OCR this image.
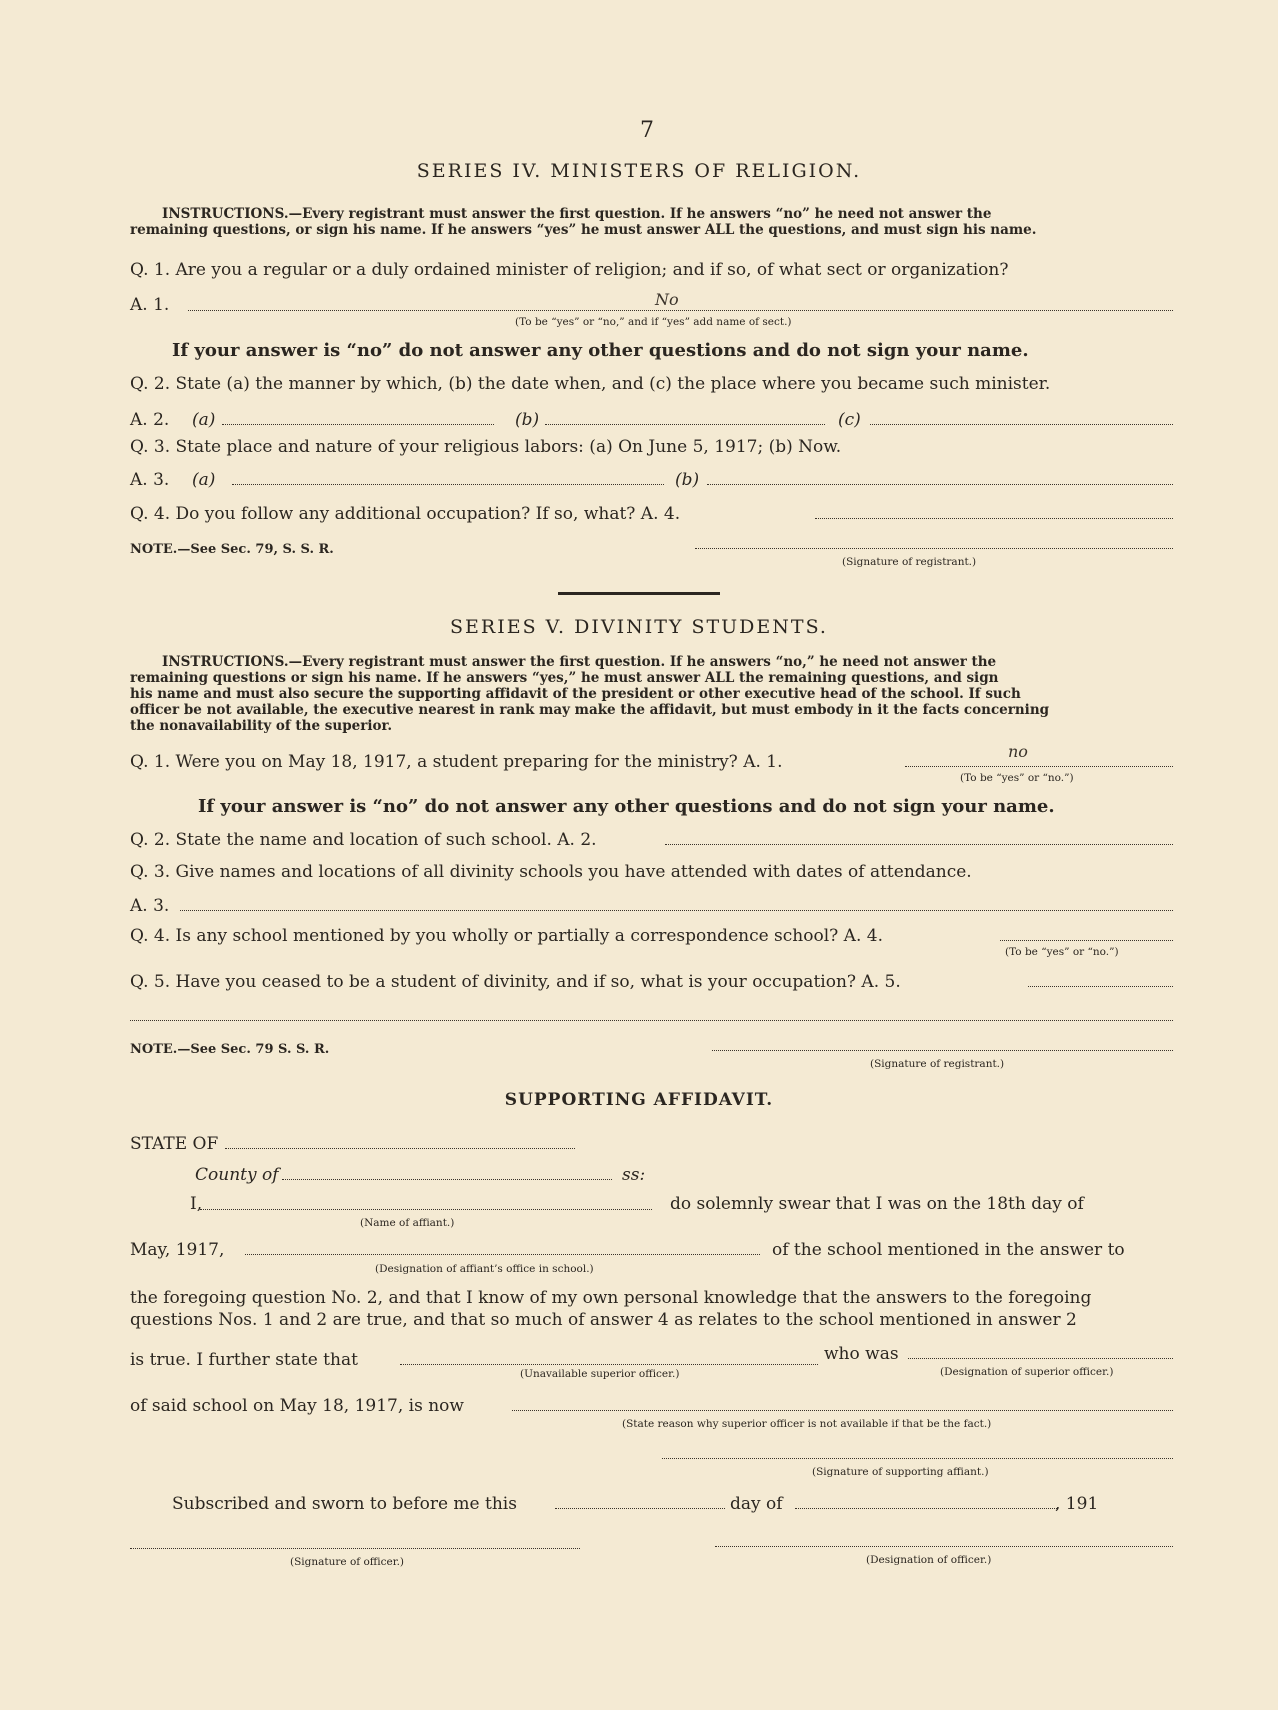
7
SERIES IV. MINISTERS OF RELIGION.
INSTRUCTIONS.—Every registrant must answer the first question. If he answers “no” he need not answer the
remaining questions, or sign his name. If he answers “yes” he must answer ALL the questions, and must sign his name.
Q. 1. Are you a regular or a duly ordained minister of religion; and if so, of what sect or organization?
A. 1.	No
(To be “yes” or “no,” and if “yes” add name of sect.)
If your answer is “no” do not answer any other questions and do not sign your name.
Q. 2. State (a) the manner by which, (b) the date when, and (c) the place where you became such minister.
A. 2. (a)	(b)	(c)
Q. 3. State place and nature of your religious labors: (a) On June 5, 1917; (b) Now.
A. 3. (a)	(b)
Q. 4. Do you follow any additional occupation? If so, what? A. 4.
NOTE.—See Sec. 79, S. S. R.
(Signature of registrant.)
SERIES V. DIVINITY STUDENTS.
INSTRUCTIONS.—Every registrant must answer the first question. If he answers “no,” he need not answer the
remaining questions or sign his name. If he answers “yes,” he must answer ALL the remaining questions, and sign
his name and must also secure the supporting affidavit of the president or other executive head of the school. If such
officer be not available, the executive nearest in rank may make the affidavit, but must embody in it the facts concerning
the nonavailability of the superior.
Q. 1. Were you on May 18, 1917, a student preparing for the ministry? A. 1.
no
(To be “yes” or “no.”)
If your answer is “no” do not answer any other questions and do not sign your name.
Q. 2. State the name and location of such school. A. 2.
Q. 3. Give names and locations of all divinity schools you have attended with dates of attendance.
A. 3.
Q. 4. Is any school mentioned by you wholly or partially a correspondence school? A. 4.
(To be “yes” or “no.”)
Q. 5. Have you ceased to be a student of divinity, and if so, what is your occupation? A. 5.
NOTE.—See Sec. 79 S. S. R.
(Signature of registrant.)
SUPPORTING AFFIDAVIT.
STATE OF
County of	ss:
I,	do solemnly swear that I was on the 18th day of
(Name of affiant.)
May, 1917,	of the school mentioned in the answer to
(Designation of affiant’s office in school.)
the foregoing question No. 2, and that I know of my own personal knowledge that the answers to the foregoing
questions Nos. 1 and 2 are true, and that so much of answer 4 as relates to the school mentioned in answer 2
is true. I further state that	who was
(Unavailable superior officer.)	(Designation of superior officer.)
of said school on May 18, 1917, is now
(State reason why superior officer is not available if that be the fact.)
(Signature of supporting affiant.)
Subscribed and sworn to before me this	day of	, 191
(Signature of officer.)	(Designation of officer.)
